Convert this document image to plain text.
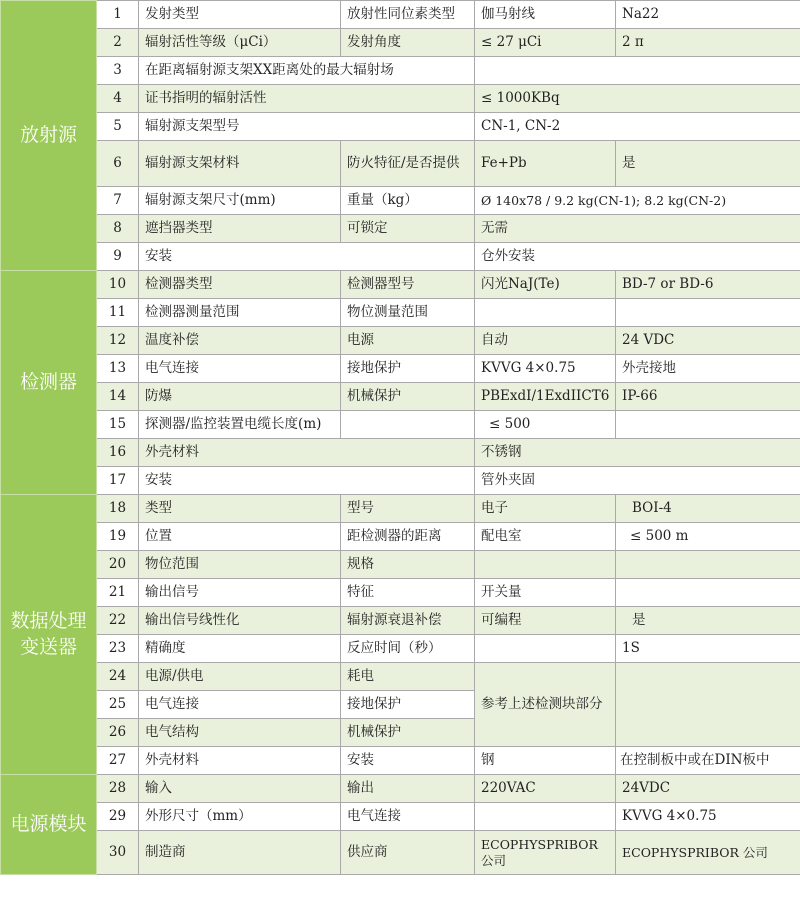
放射源	1	发射类型	放射性同位素类型	伽马射线	Na22
	2	辐射活性等级（μCi）	发射角度	≤ 27 μCi	2 π
	3	在距离辐射源支架XX距离处的最大辐射场			
	4	证书指明的辐射活性		≤ 1000KBq	
	5	辐射源支架型号		CN-1, CN-2	
	6	辐射源支架材料	防火特征/是否提供	Fe+Pb	是
	7	辐射源支架尺寸(mm)	重量（kg）	Ø 140x78 / 9.2 kg(CN-1); 8.2 kg(CN-2)	
	8	遮挡器类型	可锁定	无需	
	9	安装		仓外安装	
检测器	10	检测器类型	检测器型号	闪光NaJ(Te)	BD-7 or BD-6
	11	检测器测量范围	物位测量范围		
	12	温度补偿	电源	自动	24 VDC
	13	电气连接	接地保护	KVVG 4×0.75	外壳接地
	14	防爆	机械保护	PBExdI/1ExdIICT6	IP-66
	15	探测器/监控装置电缆长度(m)		≤ 500	
	16	外壳材料		不锈钢	
	17	安装		管外夹固	
数据处理
变送器	18	类型	型号	电子	BOI-4
	19	位置	距检测器的距离	配电室	≤ 500 m
	20	物位范围	规格		
	21	输出信号	特征	开关量	
	22	输出信号线性化	辐射源衰退补偿	可编程	是
	23	精确度	反应时间（秒）		1S
	24	电源/供电	耗电	参考上述检测块部分	
	25	电气连接	接地保护		
	26	电气结构	机械保护		
	27	外壳材料	安装	钢	在控制板中或在DIN板中
电源模块	28	输入	输出	220VAC	24VDC
	29	外形尺寸（mm）	电气连接		KVVG 4×0.75
	30	制造商	供应商	ECOPHYSPRIBOR 公司	ECOPHYSPRIBOR 公司
